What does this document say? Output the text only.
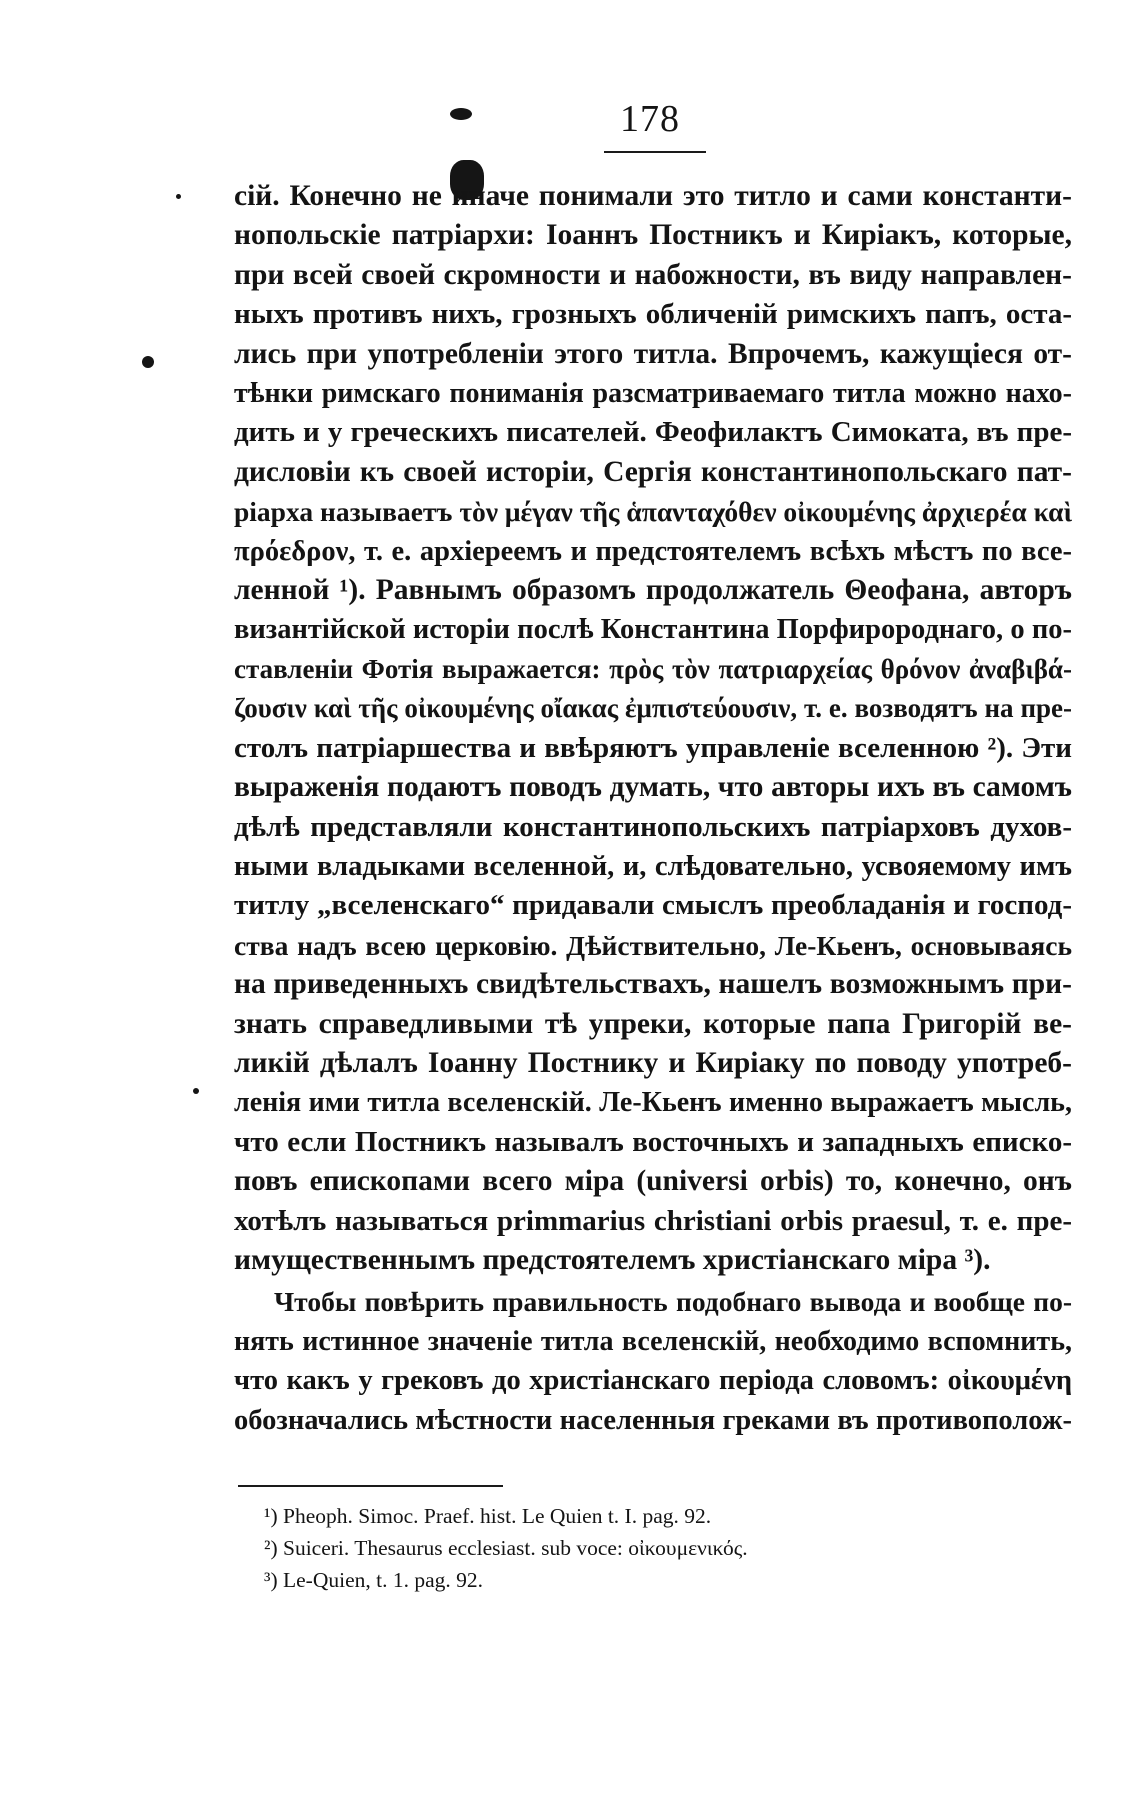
178
cій. Конечно не иначе понимали это титло и сами константи-
нопольскіе патріархи: Іоаннъ Постникъ и Киріакъ, которые,
при всей своей скромности и набожности, въ виду направлен-
ныхъ противъ нихъ, грозныхъ обличеній римскихъ папъ, оста-
лись при употребленіи этого титла. Впрочемъ, кажущіеся от-
тѣнки римскаго пониманія разсматриваемаго титла можно нахо-
дить и у греческихъ писателей. Феофилактъ Симоката, въ пре-
дисловіи къ своей исторіи, Сергія константинопольскаго пат-
ріарха называетъ τὸν μέγαν τῆς ἁπανταχόθεν οἰκουμένης ἀρχιερέα καὶ
πρόεδρον, т. е. архіереемъ и предстоятелемъ всѣхъ мѣстъ по все-
ленной ¹). Равнымъ образомъ продолжатель Θеофана, авторъ
византійской исторіи послѣ Константина Порфиророднаго, о по-
ставленіи Фотія выражается: πρὸς τὸν πατριαρχείας θρόνον ἀναβιβά-
ζουσιν καὶ τῆς οἰκουμένης οἴακας ἐμπιστεύουσιν, т. е. возводятъ на пре-
столъ патріаршества и ввѣряютъ управленіе вселенною ²). Эти
выраженія подаютъ поводъ думать, что авторы ихъ въ самомъ
дѣлѣ представляли константинопольскихъ патріарховъ духов-
ными владыками вселенной, и, слѣдовательно, усвояемому имъ
титлу „вселенскаго“ придавали смыслъ преобладанія и господ-
ства надъ всею церковію. Дѣйствительно, Ле-Кьенъ, основываясь
на приведенныхъ свидѣтельствахъ, нашелъ возможнымъ при-
знать справедливыми тѣ упреки, которые папа Григорій ве-
ликій дѣлалъ Іоанну Постнику и Киріаку по поводу употреб-
ленія ими титла вселенскій. Ле-Кьенъ именно выражаетъ мысль,
что если Постникъ называлъ восточныхъ и западныхъ еписко-
повъ епископами всего міра (universi orbis) то, конечно, онъ
хотѣлъ называться primmarius christiani orbis praesul, т. е. пре-
имущественнымъ предстоятелемъ христіанскаго міра ³).
Чтобы повѣрить правильность подобнаго вывода и вообще по-
нять истинное значеніе титла вселенскій, необходимо вспомнить,
что какъ у грековъ до христіанскаго періода словомъ: οἰκουμένη
обозначались мѣстности населенныя греками въ противополож-
¹) Pheoph. Simoc. Praef. hist. Le Quien t. I. pag. 92.
²) Suiceri. Thesaurus ecclesiast. sub voce: οἰκουμενικός.
³) Le-Quien, t. 1. pag. 92.
